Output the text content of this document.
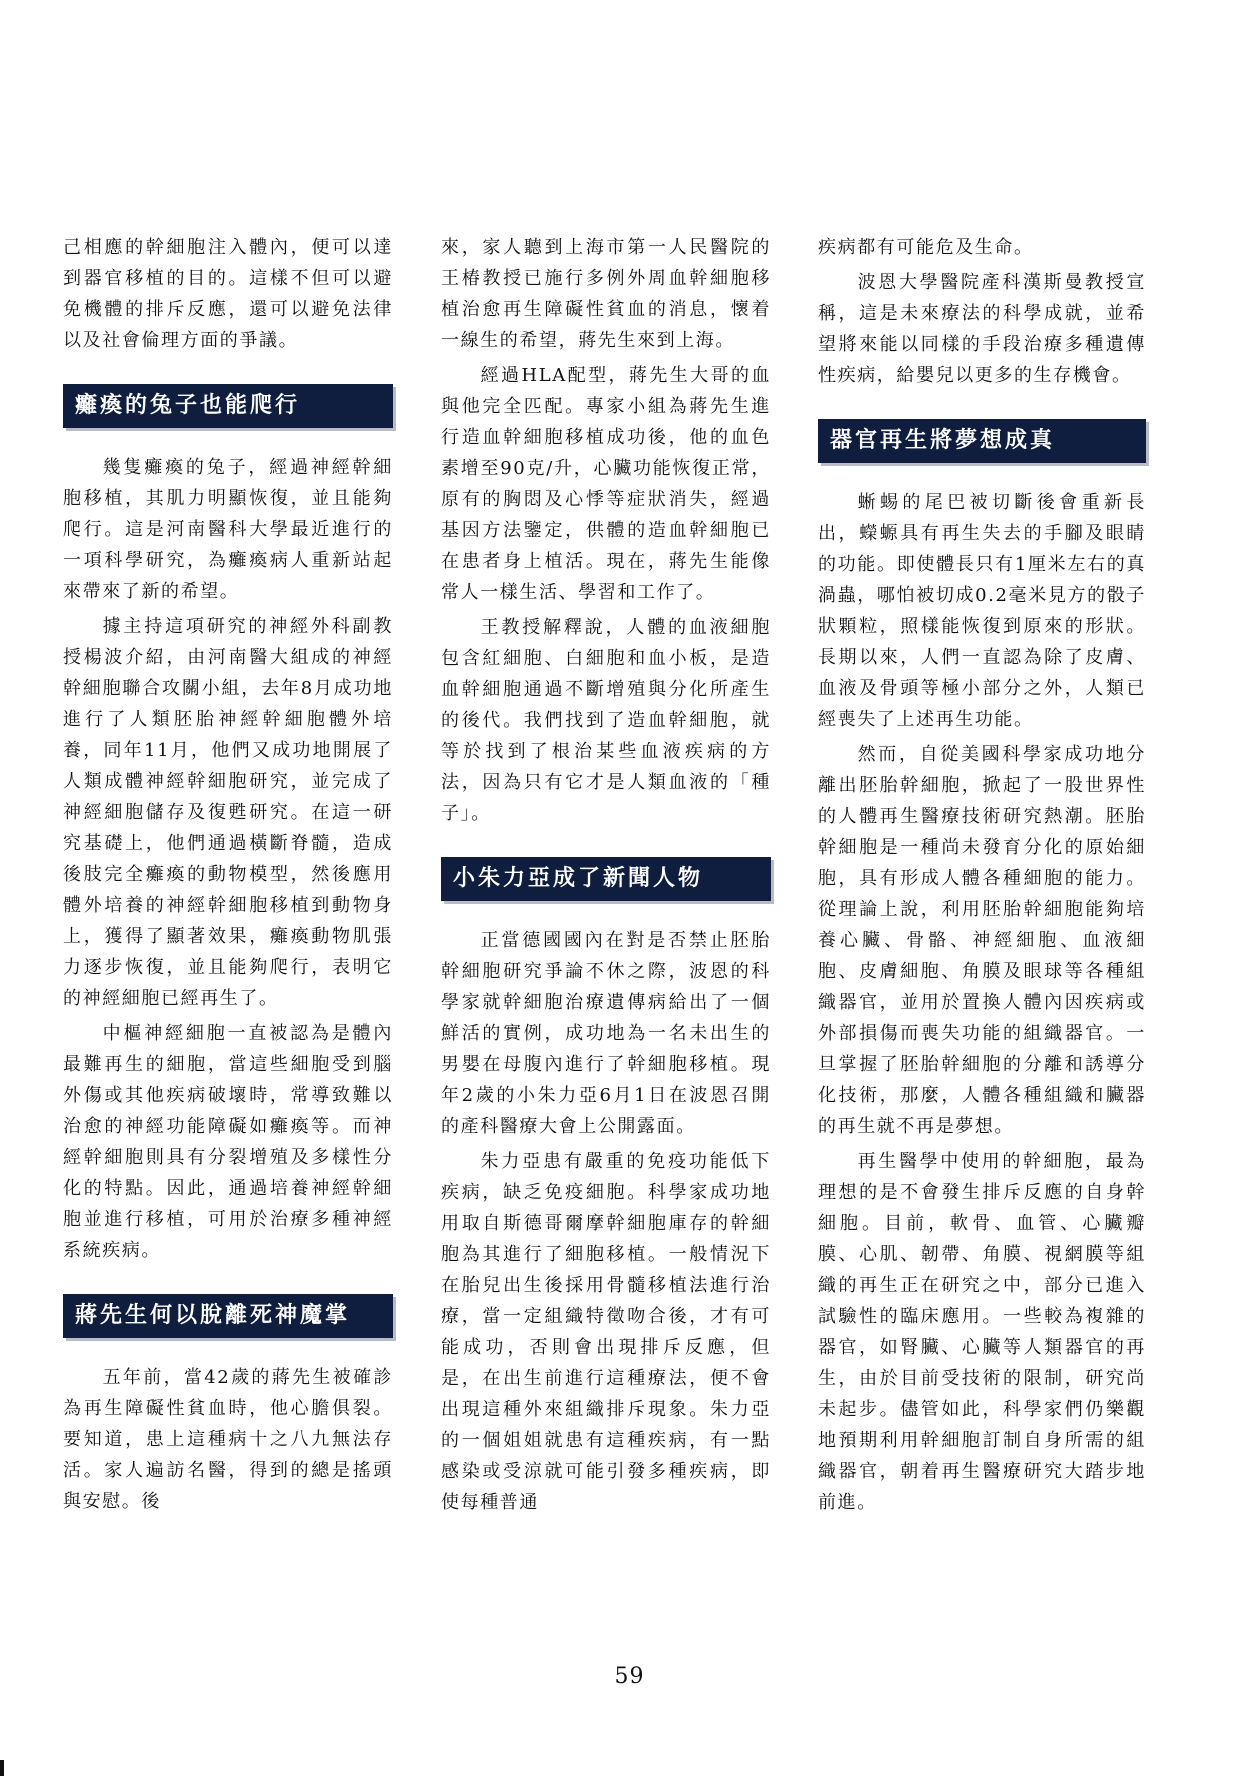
己相應的幹細胞注入體內，便可以達到器官移植的目的。這樣不但可以避免機體的排斥反應，還可以避免法律以及社會倫理方面的爭議。

癱瘓的兔子也能爬行

幾隻癱瘓的兔子，經過神經幹細胞移植，其肌力明顯恢復，並且能夠爬行。這是河南醫科大學最近進行的一項科學研究，為癱瘓病人重新站起來帶來了新的希望。

據主持這項研究的神經外科副教授楊波介紹，由河南醫大組成的神經幹細胞聯合攻關小組，去年8月成功地進行了人類胚胎神經幹細胞體外培養，同年11月，他們又成功地開展了人類成體神經幹細胞研究，並完成了神經細胞儲存及復甦研究。在這一研究基礎上，他們通過橫斷脊髓，造成後肢完全癱瘓的動物模型，然後應用體外培養的神經幹細胞移植到動物身上，獲得了顯著效果，癱瘓動物肌張力逐步恢復，並且能夠爬行，表明它的神經細胞已經再生了。

中樞神經細胞一直被認為是體內最難再生的細胞，當這些細胞受到腦外傷或其他疾病破壞時，常導致難以治愈的神經功能障礙如癱瘓等。而神經幹細胞則具有分裂增殖及多樣性分化的特點。因此，通過培養神經幹細胞並進行移植，可用於治療多種神經系統疾病。

蔣先生何以脫離死神魔掌

五年前，當42歲的蔣先生被確診為再生障礙性貧血時，他心膽俱裂。要知道，患上這種病十之八九無法存活。家人遍訪名醫，得到的總是搖頭與安慰。後

來，家人聽到上海市第一人民醫院的王椿教授已施行多例外周血幹細胞移植治愈再生障礙性貧血的消息，懷着一線生的希望，蔣先生來到上海。

經過HLA配型，蔣先生大哥的血與他完全匹配。專家小組為蔣先生進行造血幹細胞移植成功後，他的血色素增至90克/升，心臟功能恢復正常，原有的胸悶及心悸等症狀消失，經過基因方法鑒定，供體的造血幹細胞已在患者身上植活。現在，蔣先生能像常人一樣生活、學習和工作了。

王教授解釋說，人體的血液細胞包含紅細胞、白細胞和血小板，是造血幹細胞通過不斷增殖與分化所產生的後代。我們找到了造血幹細胞，就等於找到了根治某些血液疾病的方法，因為只有它才是人類血液的「種子」。

小朱力亞成了新聞人物

正當德國國內在對是否禁止胚胎幹細胞研究爭論不休之際，波恩的科學家就幹細胞治療遺傳病給出了一個鮮活的實例，成功地為一名未出生的男嬰在母腹內進行了幹細胞移植。現年2歲的小朱力亞6月1日在波恩召開的產科醫療大會上公開露面。

朱力亞患有嚴重的免疫功能低下疾病，缺乏免疫細胞。科學家成功地用取自斯德哥爾摩幹細胞庫存的幹細胞為其進行了細胞移植。一般情況下在胎兒出生後採用骨髓移植法進行治療，當一定組織特徵吻合後，才有可能成功，否則會出現排斥反應，但是，在出生前進行這種療法，便不會出現這種外來組織排斥現象。朱力亞的一個姐姐就患有這種疾病，有一點感染或受涼就可能引發多種疾病，即使每種普通

疾病都有可能危及生命。

波恩大學醫院產科漢斯曼教授宣稱，這是未來療法的科學成就，並希望將來能以同樣的手段治療多種遺傳性疾病，給嬰兒以更多的生存機會。

器官再生將夢想成真

蜥蜴的尾巴被切斷後會重新長出，蠑螈具有再生失去的手腳及眼睛的功能。即使體長只有1厘米左右的真渦蟲，哪怕被切成0.2毫米見方的骰子狀顆粒，照樣能恢復到原來的形狀。長期以來，人們一直認為除了皮膚、血液及骨頭等極小部分之外，人類已經喪失了上述再生功能。

然而，自從美國科學家成功地分離出胚胎幹細胞，掀起了一股世界性的人體再生醫療技術研究熱潮。胚胎幹細胞是一種尚未發育分化的原始細胞，具有形成人體各種細胞的能力。從理論上說，利用胚胎幹細胞能夠培養心臟、骨骼、神經細胞、血液細胞、皮膚細胞、角膜及眼球等各種組織器官，並用於置換人體內因疾病或外部損傷而喪失功能的組織器官。一旦掌握了胚胎幹細胞的分離和誘導分化技術，那麼，人體各種組織和臟器的再生就不再是夢想。

再生醫學中使用的幹細胞，最為理想的是不會發生排斥反應的自身幹細胞。目前，軟骨、血管、心臟瓣膜、心肌、韌帶、角膜、視網膜等組織的再生正在研究之中，部分已進入試驗性的臨床應用。一些較為複雜的器官，如腎臟、心臟等人類器官的再生，由於目前受技術的限制，研究尚未起步。儘管如此，科學家們仍樂觀地預期利用幹細胞訂制自身所需的組織器官，朝着再生醫療研究大踏步地前進。

59
